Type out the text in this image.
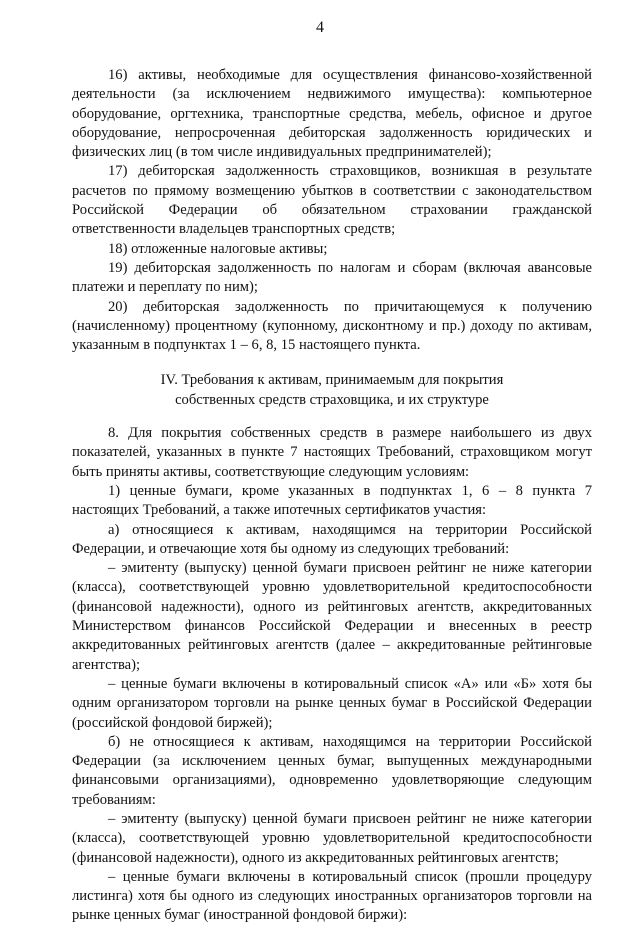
4

16) активы, необходимые для осуществления финансово-хозяйственной деятельности (за исключением недвижимого имущества): компьютерное оборудование, оргтехника, транспортные средства, мебель, офисное и другое оборудование, непросроченная дебиторская задолженность юридических и физических лиц (в том числе индивидуальных предпринимателей);

17) дебиторская задолженность страховщиков, возникшая в результате расчетов по прямому возмещению убытков в соответствии с законодательством Российской Федерации об обязательном страховании гражданской ответственности владельцев транспортных средств;

18) отложенные налоговые активы;

19) дебиторская задолженность по налогам и сборам (включая авансовые платежи и переплату по ним);

20) дебиторская задолженность по причитающемуся к получению (начисленному) процентному (купонному, дисконтному и пр.) доходу по активам, указанным в подпунктах 1 – 6, 8, 15 настоящего пункта.

IV. Требования к активам, принимаемым для покрытия

собственных средств страховщика, и их структуре

8. Для покрытия собственных средств в размере наибольшего из двух показателей, указанных в пункте 7 настоящих Требований, страховщиком могут быть приняты активы, соответствующие следующим условиям:

1) ценные бумаги, кроме указанных в подпунктах 1, 6 – 8 пункта 7 настоящих Требований, а также ипотечных сертификатов участия:

а) относящиеся к активам, находящимся на территории Российской Федерации, и отвечающие хотя бы одному из следующих требований:

– эмитенту (выпуску) ценной бумаги присвоен рейтинг не ниже категории (класса), соответствующей уровню удовлетворительной кредитоспособности (финансовой надежности), одного из рейтинговых агентств, аккредитованных Министерством финансов Российской Федерации и внесенных в реестр аккредитованных рейтинговых агентств (далее – аккредитованные рейтинговые агентства);

– ценные бумаги включены в котировальный список «А» или «Б» хотя бы одним организатором торговли на рынке ценных бумаг в Российской Федерации (российской фондовой биржей);

б) не относящиеся к активам, находящимся на территории Российской Федерации (за исключением ценных бумаг, выпущенных международными финансовыми организациями), одновременно удовлетворяющие следующим требованиям:

– эмитенту (выпуску) ценной бумаги присвоен рейтинг не ниже категории (класса), соответствующей уровню удовлетворительной кредитоспособности (финансовой надежности), одного из аккредитованных рейтинговых агентств;

– ценные бумаги включены в котировальный список (прошли процедуру листинга) хотя бы одного из следующих иностранных организаторов торговли на рынке ценных бумаг (иностранной фондовой биржи):
